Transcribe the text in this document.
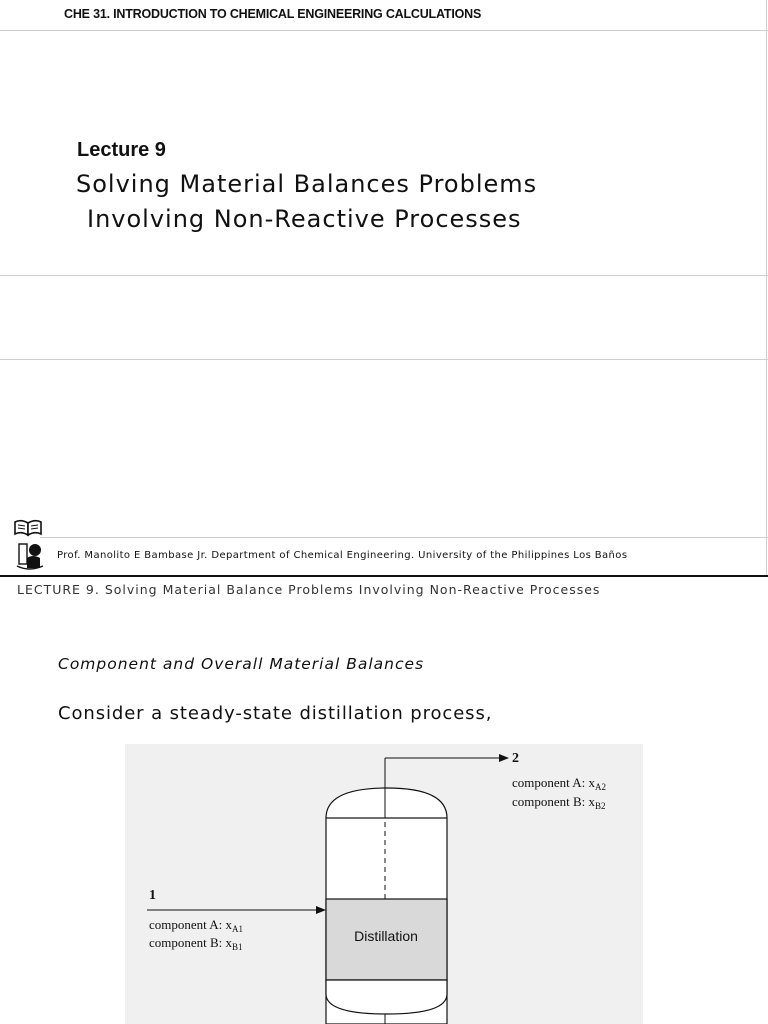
CHE 31. INTRODUCTION TO CHEMICAL ENGINEERING CALCULATIONS
Lecture 9
Solving Material Balances Problems
Involving Non-Reactive Processes
Prof. Manolito E Bambase Jr. Department of Chemical Engineering. University of the Philippines Los Baños
LECTURE 9. Solving Material Balance Problems Involving Non-Reactive Processes
Component and Overall Material Balances
Consider a steady-state distillation process,
Distillation
2
component A: $x_{A2}$
component B: $x_{B2}$
1
component A: $x_{A1}$
component B: $x_{B1}$
